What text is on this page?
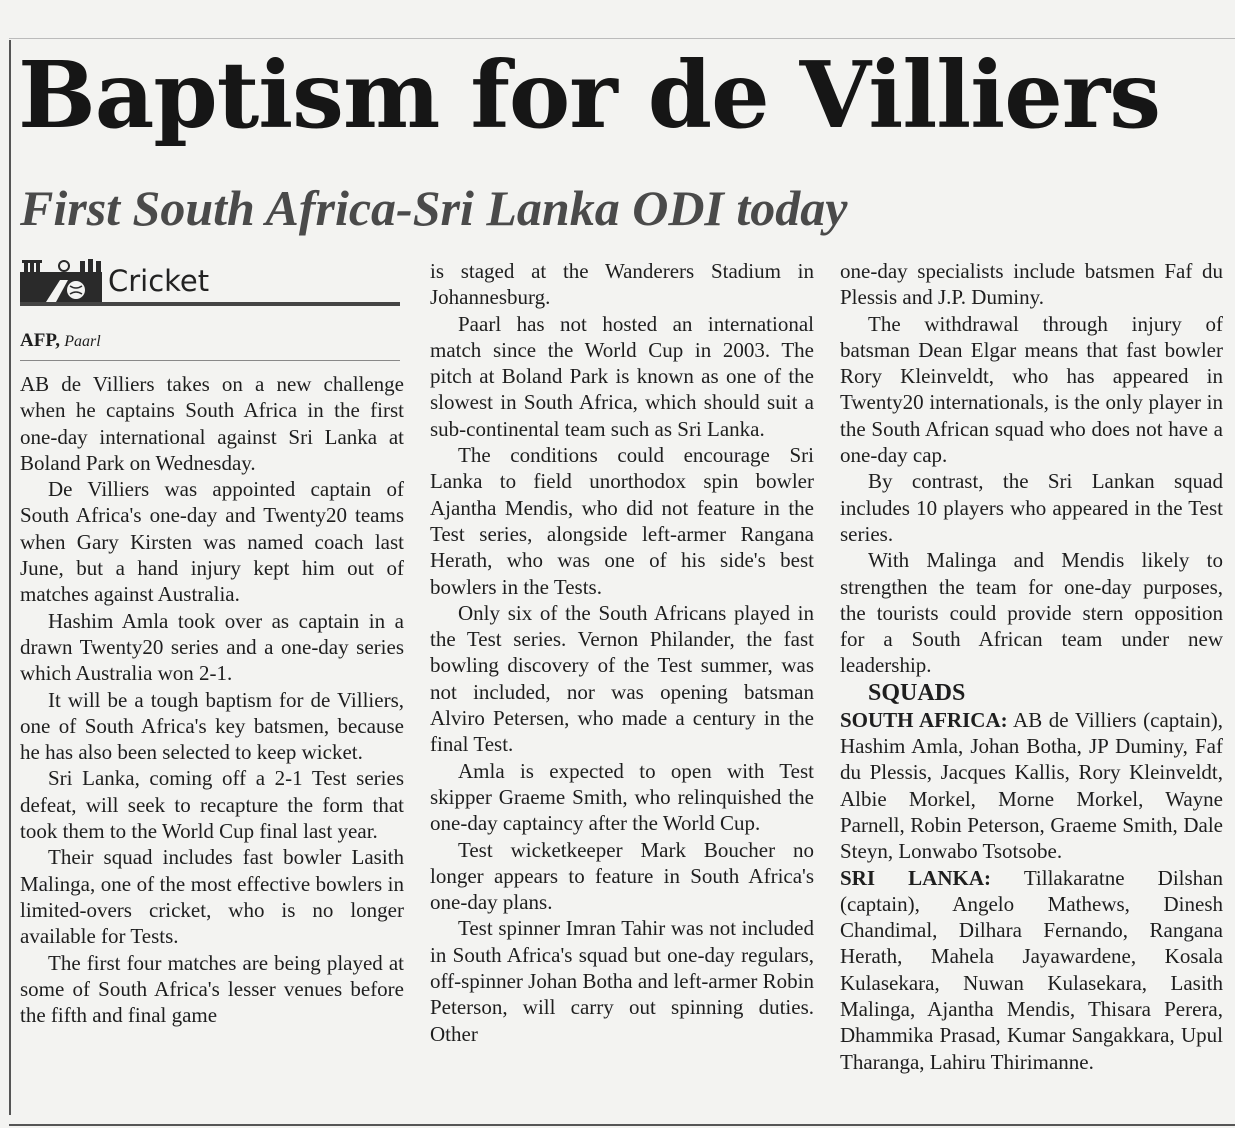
Baptism for de Villiers
First South Africa-Sri Lanka ODI today
Cricket
AFP, Paarl

AB de Villiers takes on a new challenge when he captains South Africa in the first one-day international against Sri Lanka at Boland Park on Wednesday.

De Villiers was appointed captain of South Africa's one-day and Twenty20 teams when Gary Kirsten was named coach last June, but a hand injury kept him out of matches against Australia.

Hashim Amla took over as captain in a drawn Twenty20 series and a one-day series which Australia won 2-1.

It will be a tough baptism for de Villiers, one of South Africa's key batsmen, because he has also been selected to keep wicket.

Sri Lanka, coming off a 2-1 Test series defeat, will seek to recapture the form that took them to the World Cup final last year.

Their squad includes fast bowler Lasith Malinga, one of the most effective bowlers in limited-overs cricket, who is no longer available for Tests.

The first four matches are being played at some of South Africa's lesser venues before the fifth and final game

is staged at the Wanderers Stadium in Johannesburg.

Paarl has not hosted an international match since the World Cup in 2003. The pitch at Boland Park is known as one of the slowest in South Africa, which should suit a sub-continental team such as Sri Lanka.

The conditions could encourage Sri Lanka to field unorthodox spin bowler Ajantha Mendis, who did not feature in the Test series, alongside left-armer Rangana Herath, who was one of his side's best bowlers in the Tests.

Only six of the South Africans played in the Test series. Vernon Philander, the fast bowling discovery of the Test summer, was not included, nor was opening batsman Alviro Petersen, who made a century in the final Test.

Amla is expected to open with Test skipper Graeme Smith, who relinquished the one-day captaincy after the World Cup.

Test wicketkeeper Mark Boucher no longer appears to feature in South Africa's one-day plans.

Test spinner Imran Tahir was not included in South Africa's squad but one-day regulars, off-spinner Johan Botha and left-armer Robin Peterson, will carry out spinning duties. Other

one-day specialists include batsmen Faf du Plessis and J.P. Duminy.

The withdrawal through injury of batsman Dean Elgar means that fast bowler Rory Kleinveldt, who has appeared in Twenty20 internationals, is the only player in the South African squad who does not have a one-day cap.

By contrast, the Sri Lankan squad includes 10 players who appeared in the Test series.

With Malinga and Mendis likely to strengthen the team for one-day purposes, the tourists could provide stern opposition for a South African team under new leadership.

SQUADS

SOUTH AFRICA: AB de Villiers (captain), Hashim Amla, Johan Botha, JP Duminy, Faf du Plessis, Jacques Kallis, Rory Kleinveldt, Albie Morkel, Morne Morkel, Wayne Parnell, Robin Peterson, Graeme Smith, Dale Steyn, Lonwabo Tsotsobe.

SRI LANKA: Tillakaratne Dilshan (captain), Angelo Mathews, Dinesh Chandimal, Dilhara Fernando, Rangana Herath, Mahela Jayawardene, Kosala Kulasekara, Nuwan Kulasekara, Lasith Malinga, Ajantha Mendis, Thisara Perera, Dhammika Prasad, Kumar Sangakkara, Upul Tharanga, Lahiru Thirimanne.
